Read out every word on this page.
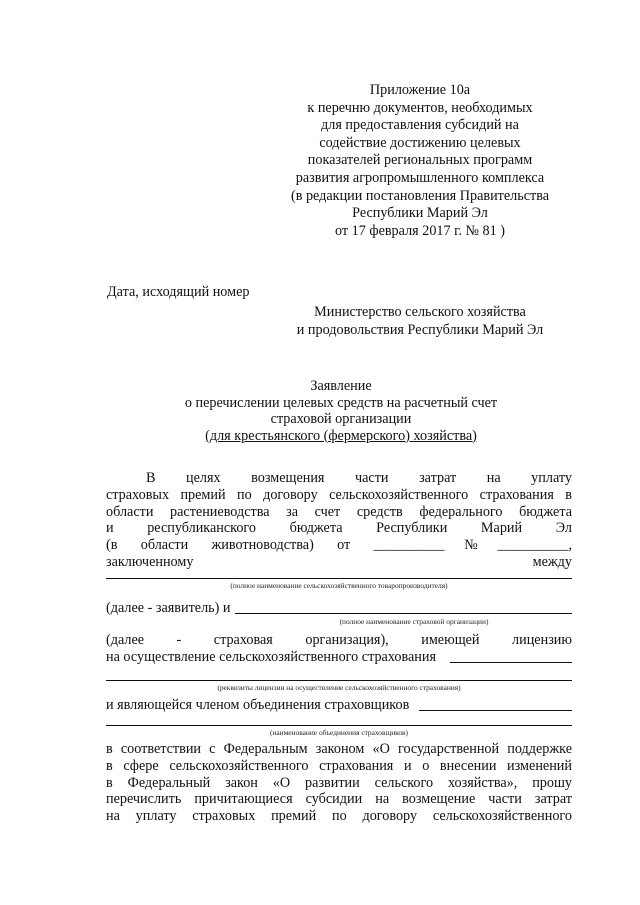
Приложение 10а
к перечню документов, необходимых
для предоставления субсидий на
содействие достижению целевых
показателей региональных программ
развития агропромышленного комплекса
(в редакции постановления Правительства
Республики Марий Эл
от 17 февраля 2017 г. № 81 )
Дата, исходящий номер
Министерство сельского хозяйства
и продовольствия Республики Марий Эл
Заявление
о перечислении целевых средств на расчетный счет
страховой организации
(для крестьянского (фермерского) хозяйства)
В целях возмещения части затрат на уплату
страховых премий по договору сельскохозяйственного страхования в
области растениеводства за счет средств федерального бюджета
и республиканского бюджета Республики Марий Эл
(в области животноводства) от __________№__________,
заключенному между
(полное наименование сельскохозяйственного товаропроизводителя)
(далее - заявитель) и
(полное наименование страховой организации)
(далее - страховая организация), имеющей лицензию
на осуществление сельскохозяйственного страхования
(реквизиты лицензии на осуществление сельскохозяйственного страхования)
и являющейся членом объединения страховщиков
(наименование объединения страховщиков)
в соответствии с Федеральным законом «О государственной поддержке
в сфере сельскохозяйственного страхования и о внесении изменений
в Федеральный закон «О развитии сельского хозяйства», прошу
перечислить причитающиеся субсидии на возмещение части затрат
на уплату страховых премий по договору сельскохозяйственного
